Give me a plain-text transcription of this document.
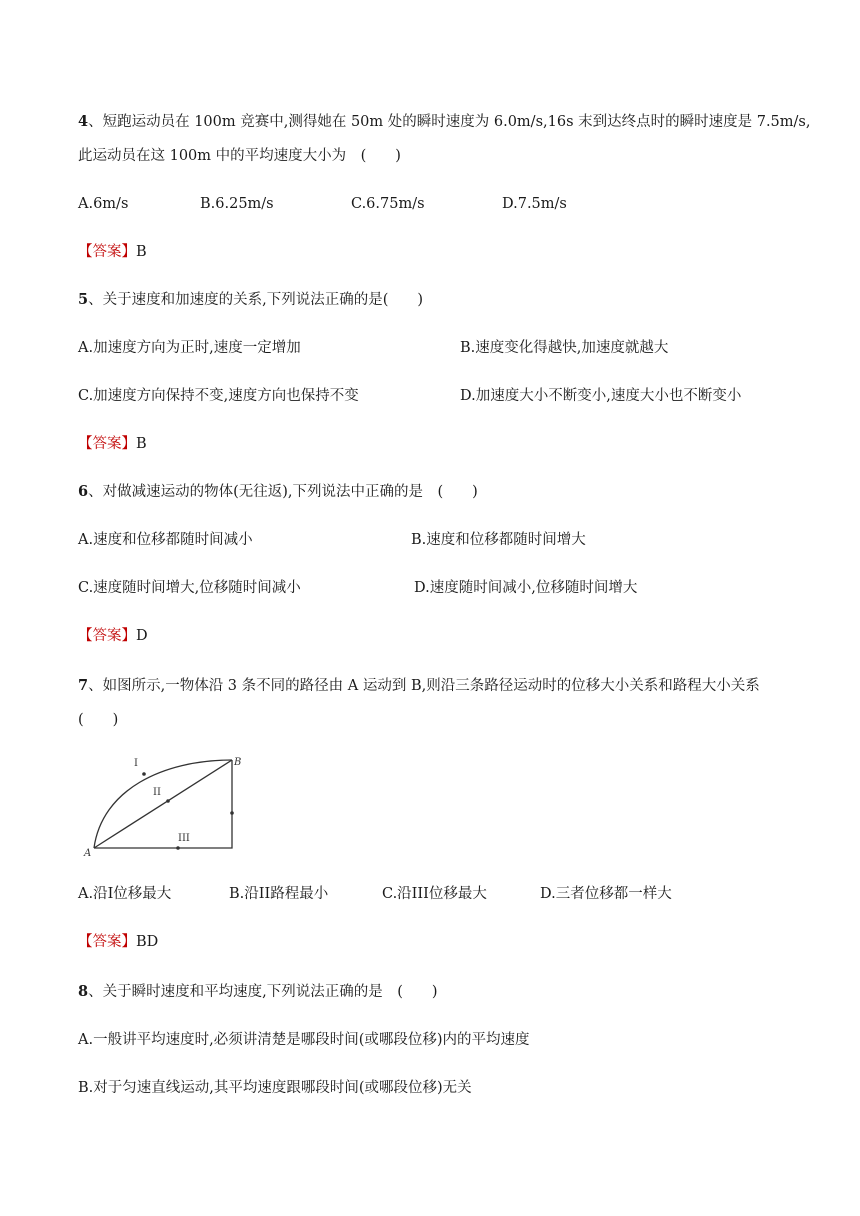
4、短跑运动员在 100m 竞赛中,测得她在 50m 处的瞬时速度为 6.0m/s,16s 末到达终点时的瞬时速度是 7.5m/s,
此运动员在这 100m 中的平均速度大小为　(　　)
A.6m/s	B.6.25m/s	C.6.75m/s	D.7.5m/s
【答案】B
5、关于速度和加速度的关系,下列说法正确的是(　　)
A.加速度方向为正时,速度一定增加	B.速度变化得越快,加速度就越大
C.加速度方向保持不变,速度方向也保持不变	D.加速度大小不断变小,速度大小也不断变小
【答案】B
6、对做减速运动的物体(无往返),下列说法中正确的是　(　　)
A.速度和位移都随时间减小	B.速度和位移都随时间增大
C.速度随时间增大,位移随时间减小	D.速度随时间减小,位移随时间增大
【答案】D
7、如图所示,一物体沿 3 条不同的路径由 A 运动到 B,则沿三条路径运动时的位移大小关系和路程大小关系
(　　)
A
B
I
II
III
A.沿I位移最大	B.沿II路程最小	C.沿III位移最大	D.三者位移都一样大
【答案】BD
8、关于瞬时速度和平均速度,下列说法正确的是　(　　)
A.一般讲平均速度时,必须讲清楚是哪段时间(或哪段位移)内的平均速度
B.对于匀速直线运动,其平均速度跟哪段时间(或哪段位移)无关
